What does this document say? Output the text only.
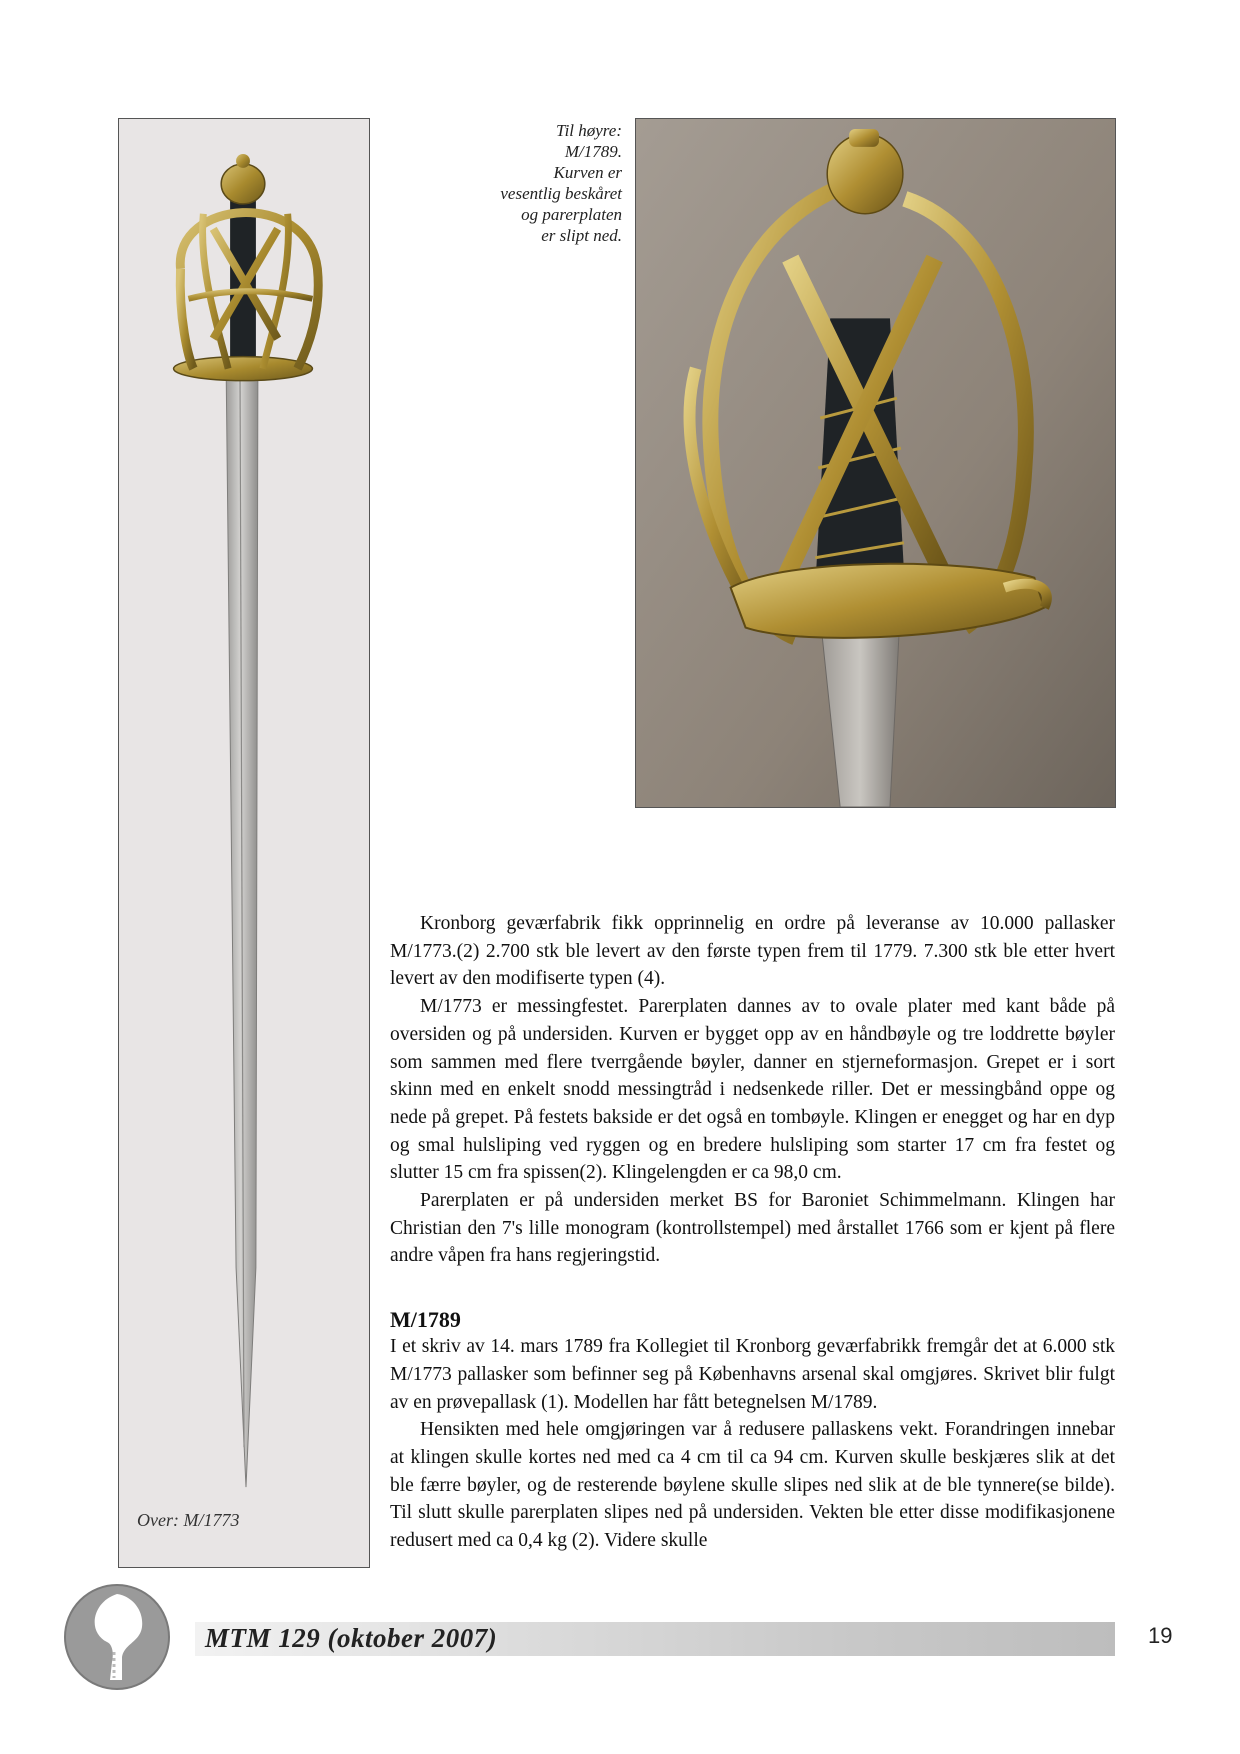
Til høyre:
M/1789.
Kurven er
vesentlig beskåret
og parerplaten
er slipt ned.
Over: M/1773

Kronborg geværfabrik fikk opprinnelig en ordre på leveranse av 10.000 pallasker M/1773.(2) 2.700 stk ble levert av den første typen frem til 1779. 7.300 stk ble etter hvert levert av den modifiserte typen (4).

M/1773 er messingfestet. Parerplaten dannes av to ovale plater med kant både på oversiden og på undersiden. Kurven er bygget opp av en håndbøyle og tre loddrette bøyler som sammen med flere tverrgående bøyler, danner en stjerneformasjon. Grepet er i sort skinn med en enkelt snodd messingtråd i nedsenkede riller. Det er messingbånd oppe og nede på grepet. På festets bakside er det også en tombøyle. Klingen er enegget og har en dyp og smal hulsliping ved ryggen og en bredere hulsliping som starter 17 cm fra festet og slutter 15 cm fra spissen(2). Klingelengden er ca 98,0 cm.

Parerplaten er på undersiden merket BS for Baroniet Schimmelmann. Klingen har Christian den 7's lille monogram (kontrollstempel) med årstallet 1766 som er kjent på flere andre våpen fra hans regjeringstid.

M/1789

I et skriv av 14. mars 1789 fra Kollegiet til Kronborg geværfabrikk fremgår det at 6.000 stk M/1773 pallasker som befinner seg på Københavns arsenal skal omgjøres. Skrivet blir fulgt av en prøvepallask (1). Modellen har fått betegnelsen M/1789.

Hensikten med hele omgjøringen var å redusere pallaskens vekt. Forandringen innebar at klingen skulle kortes ned med ca 4 cm til ca 94 cm. Kurven skulle beskjæres slik at det ble færre bøyler, og de resterende bøylene skulle slipes ned slik at de ble tynnere(se bilde). Til slutt skulle parerplaten slipes ned på undersiden. Vekten ble etter disse modifikasjonene redusert med ca 0,4 kg (2). Videre skulle

MTM 129 (oktober 2007)	19
